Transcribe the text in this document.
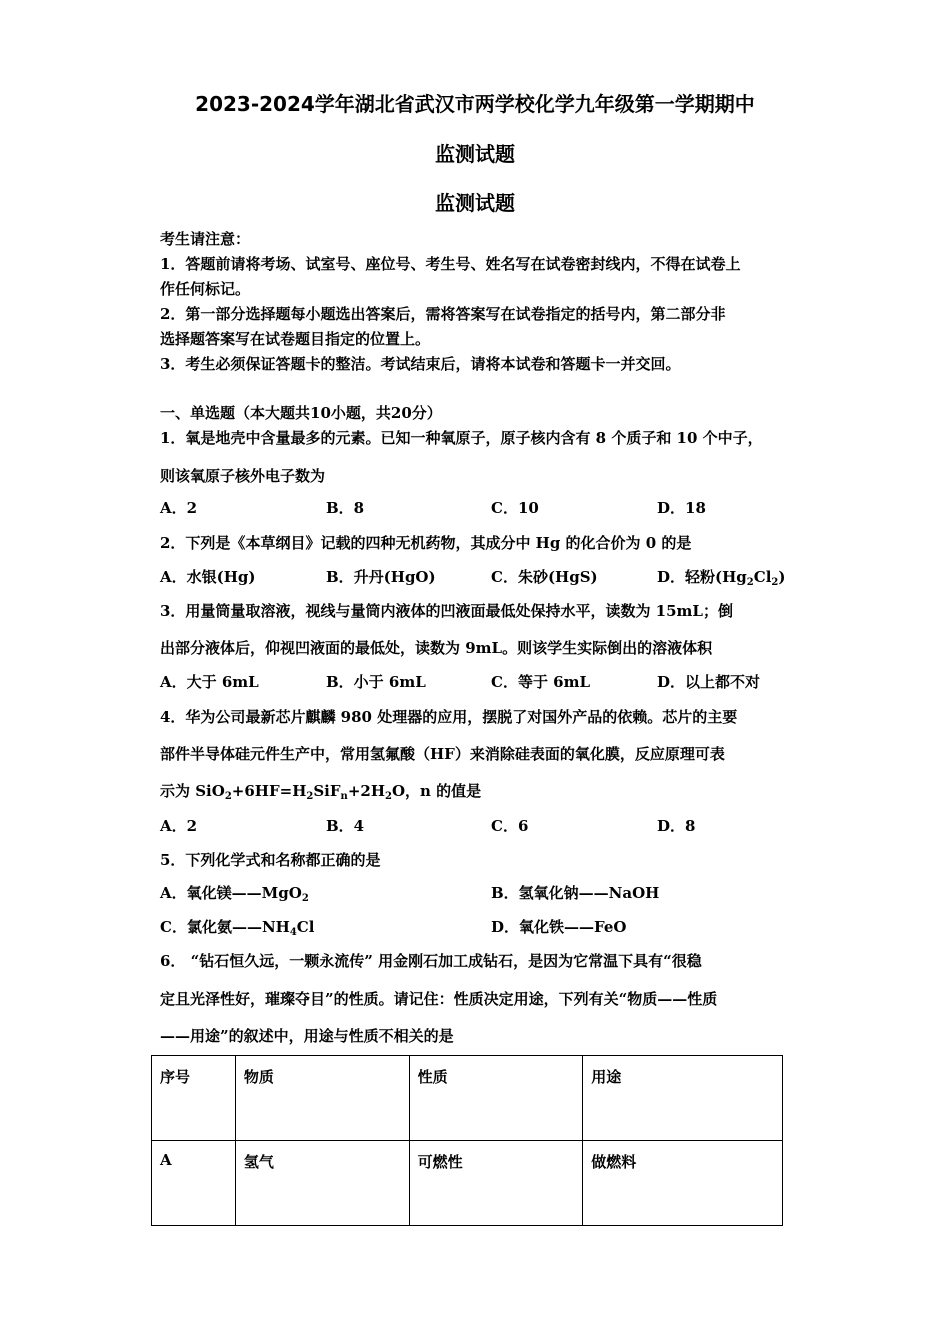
2023-2024学年湖北省武汉市两学校化学九年级第一学期期中
监测试题
监测试题
考生请注意：
1．答题前请将考场、试室号、座位号、考生号、姓名写在试卷密封线内，不得在试卷上
作任何标记。
2．第一部分选择题每小题选出答案后，需将答案写在试卷指定的括号内，第二部分非
选择题答案写在试卷题目指定的位置上。
3．考生必须保证答题卡的整洁。考试结束后，请将本试卷和答题卡一并交回。
一、单选题（本大题共10小题，共20分）
1．氧是地壳中含量最多的元素。已知一种氧原子，原子核内含有 8 个质子和 10 个中子，
则该氧原子核外电子数为
A．2	B．8	C．10	D．18
2．下列是《本草纲目》记载的四种无机药物，其成分中 Hg 的化合价为 0 的是
A．水银(Hg)	B．升丹(HgO)	C．朱砂(HgS)	D．轻粉$(Hg_2Cl_2)$
3．用量筒量取溶液，视线与量筒内液体的凹液面最低处保持水平，读数为 15mL；倒
出部分液体后，仰视凹液面的最低处，读数为 9mL。则该学生实际倒出的溶液体积
A．大于 6mL	B．小于 6mL	C．等于 6mL	D．以上都不对
4．华为公司最新芯片麒麟 980 处理器的应用，摆脱了对国外产品的依赖。芯片的主要
部件半导体硅元件生产中，常用氢氟酸（HF）来消除硅表面的氧化膜，反应原理可表
示为 $SiO_2+6HF=H_2SiF_n+2H_2O$，n 的值是
A．2	B．4	C．6	D．8
5．下列化学式和名称都正确的是
A．氧化镁——MgO$_2$	B．氢氧化钠——NaOH
C．氯化氨$——NH_4Cl$	D．氧化铁——FeO
6． “钻石恒久远，一颗永流传” 用金刚石加工成钻石，是因为它常温下具有“很稳
定且光泽性好，璀璨夺目”的性质。请记住：性质决定用途，下列有关“物质——性质
——用途”的叙述中，用途与性质不相关的是
序号	物质	性质	用途
A	氢气	可燃性	做燃料
